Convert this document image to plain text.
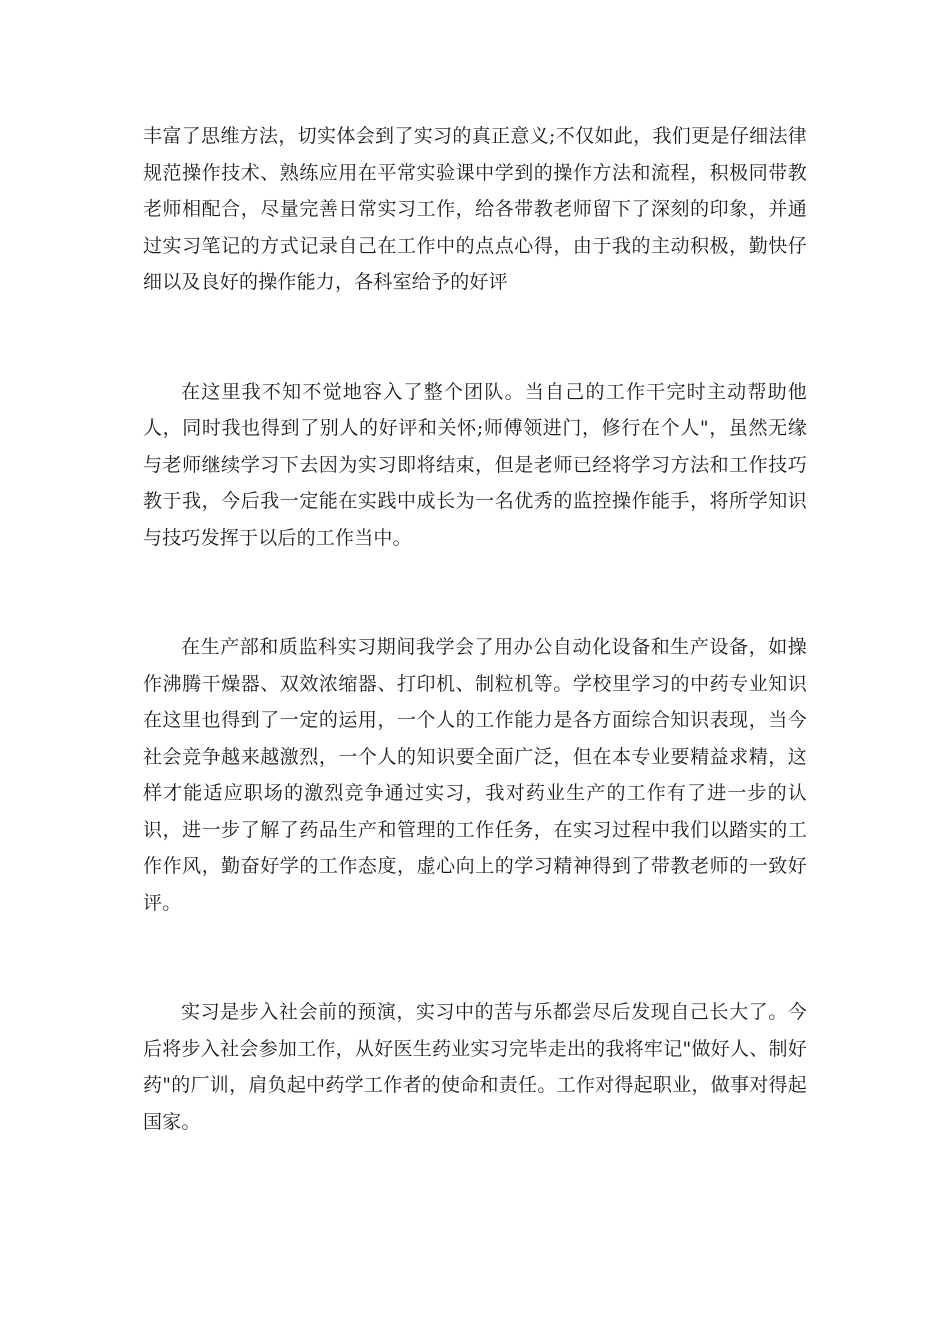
丰富了思维方法，切实体会到了实习的真正意义;不仅如此，我们更是仔细法律规范操作技术、熟练应用在平常实验课中学到的操作方法和流程，积极同带教老师相配合，尽量完善日常实习工作，给各带教老师留下了深刻的印象，并通过实习笔记的方式记录自己在工作中的点点心得，由于我的主动积极，勤快仔细以及良好的操作能力，各科室给予的好评

在这里我不知不觉地容入了整个团队。当自己的工作干完时主动帮助他人，同时我也得到了别人的好评和关怀;师傅领进门，修行在个人"，虽然无缘与老师继续学习下去因为实习即将结束，但是老师已经将学习方法和工作技巧教于我，今后我一定能在实践中成长为一名优秀的监控操作能手，将所学知识与技巧发挥于以后的工作当中。

在生产部和质监科实习期间我学会了用办公自动化设备和生产设备，如操作沸腾干燥器、双效浓缩器、打印机、制粒机等。学校里学习的中药专业知识在这里也得到了一定的运用，一个人的工作能力是各方面综合知识表现，当今社会竞争越来越激烈，一个人的知识要全面广泛，但在本专业要精益求精，这样才能适应职场的激烈竞争通过实习，我对药业生产的工作有了进一步的认识，进一步了解了药品生产和管理的工作任务，在实习过程中我们以踏实的工作作风，勤奋好学的工作态度，虚心向上的学习精神得到了带教老师的一致好评。

实习是步入社会前的预演，实习中的苦与乐都尝尽后发现自己长大了。今后将步入社会参加工作，从好医生药业实习完毕走出的我将牢记"做好人、制好药"的厂训，肩负起中药学工作者的使命和责任。工作对得起职业，做事对得起国家。
